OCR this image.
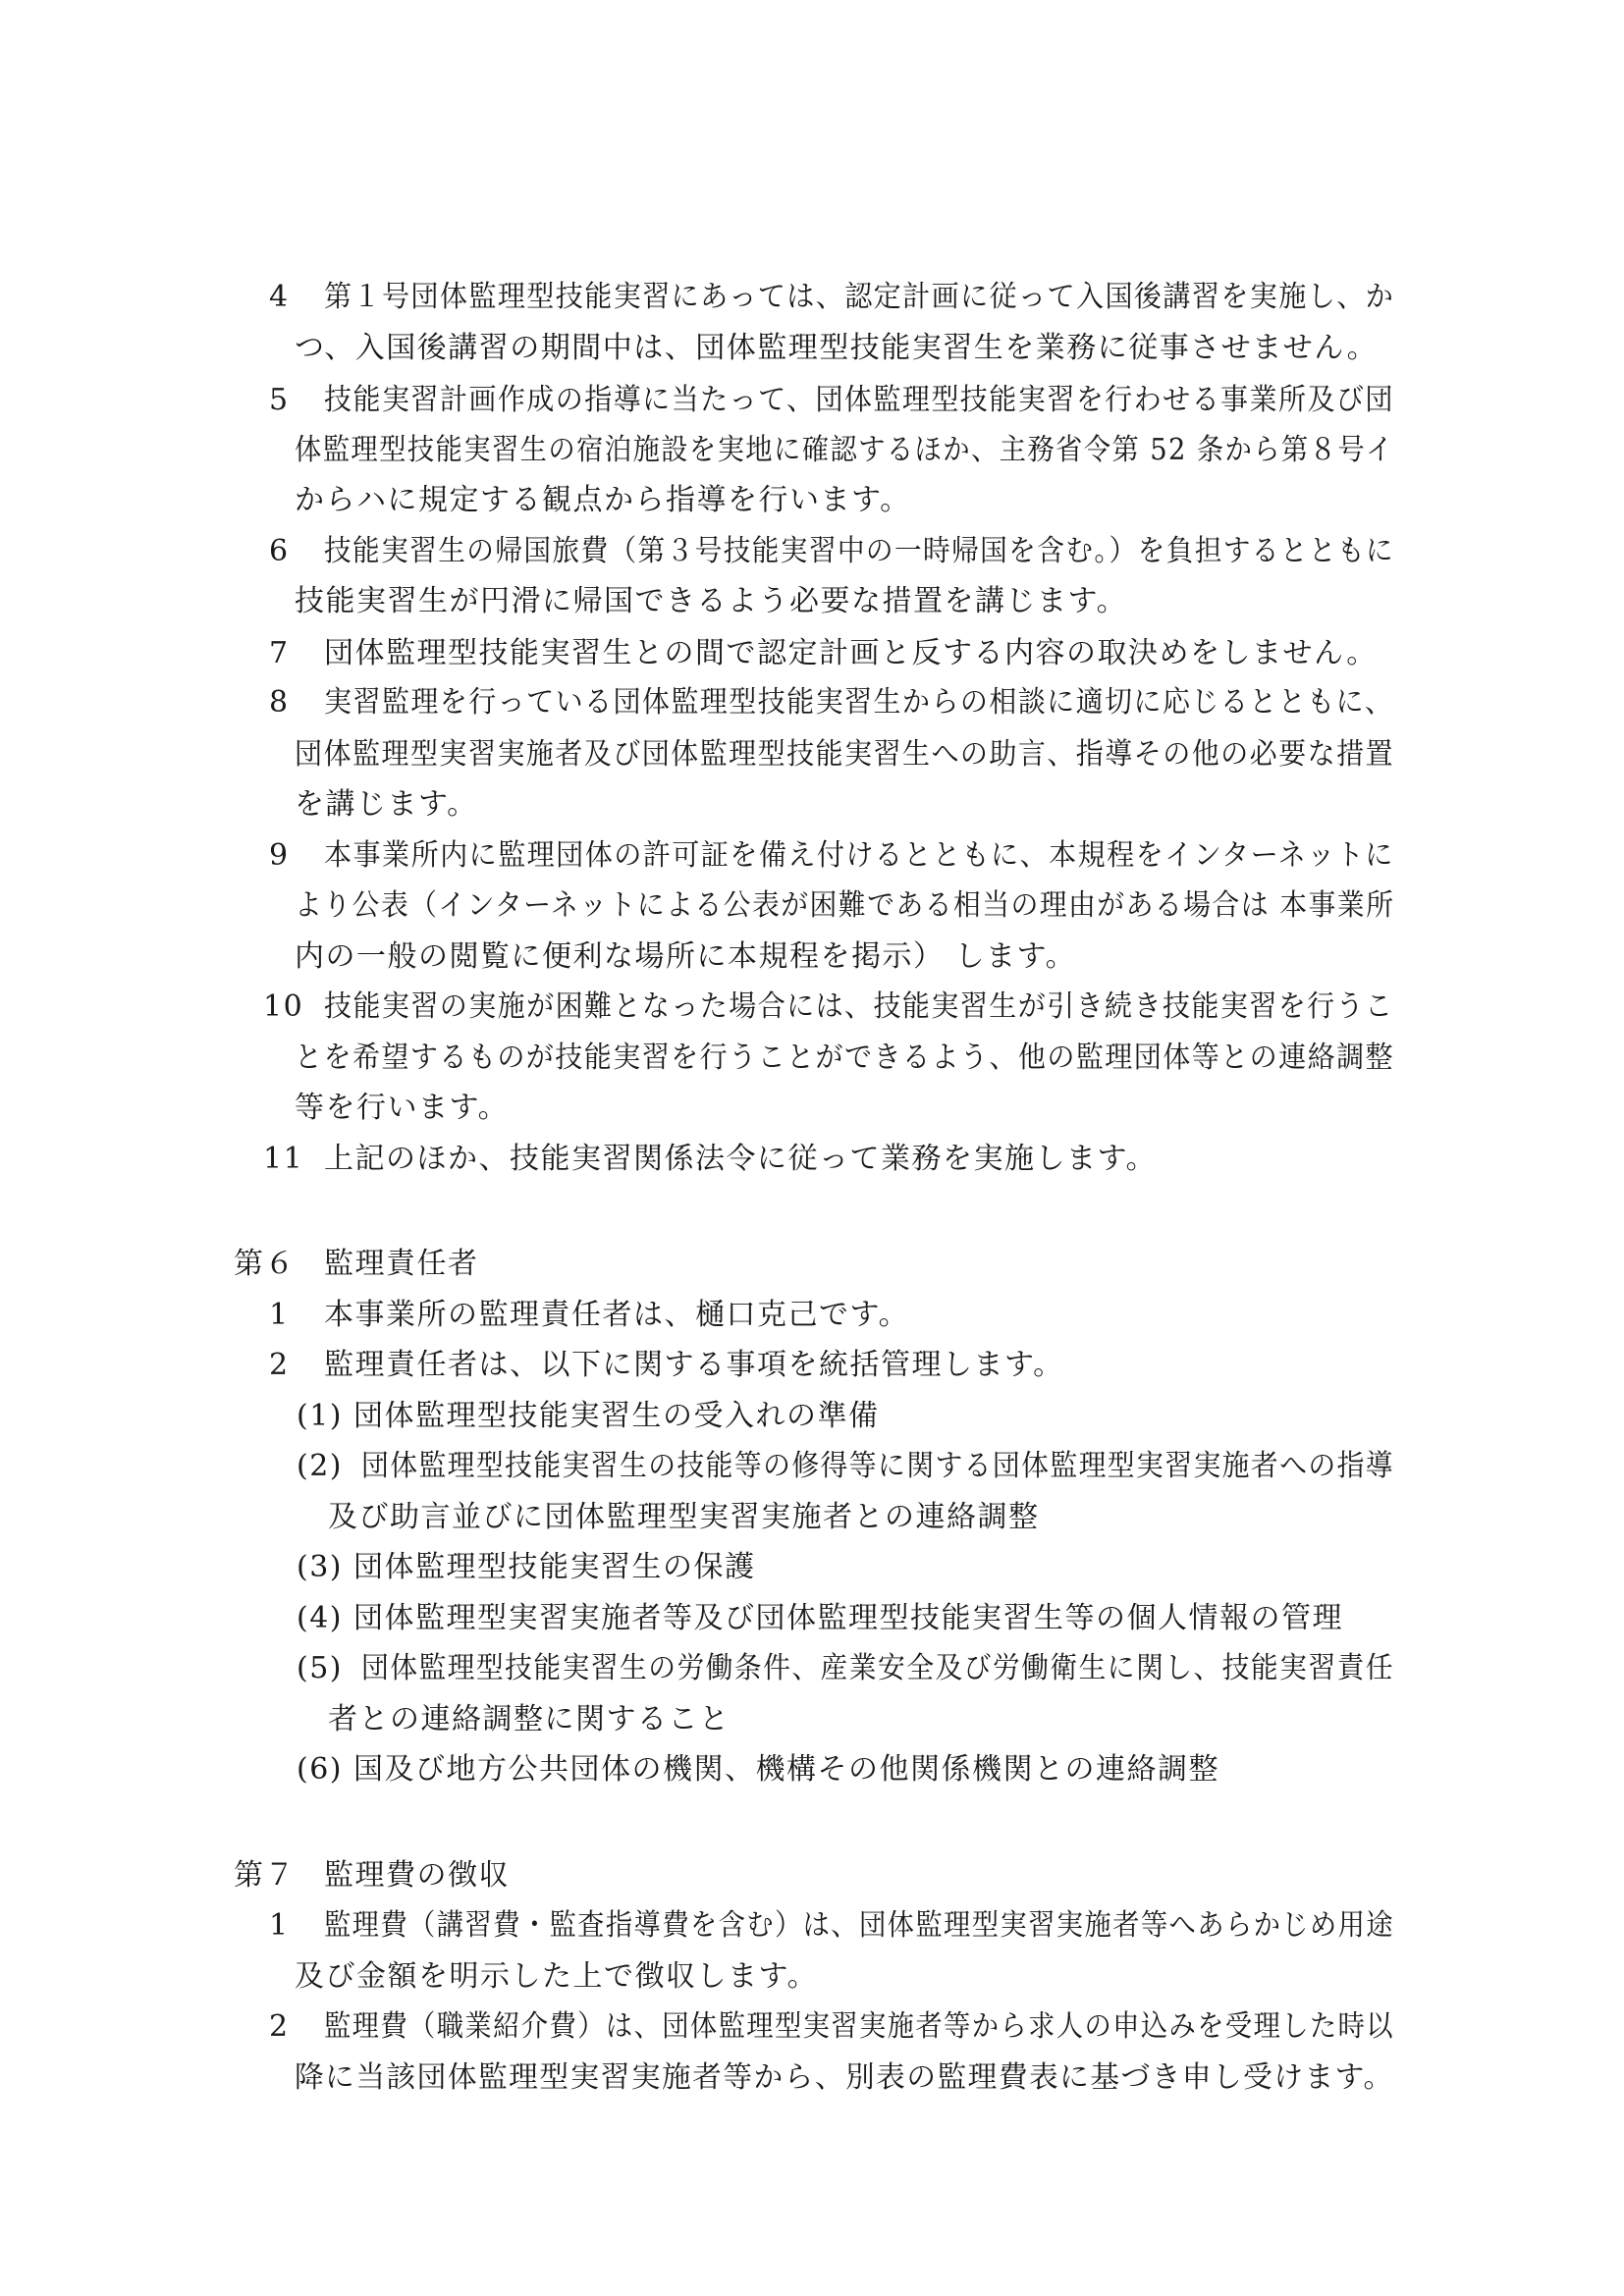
4 第１号団体監理型技能実習にあっては、認定計画に従って入国後講習を実施し、か
つ、入国後講習の期間中は、団体監理型技能実習生を業務に従事させません。
5 技能実習計画作成の指導に当たって、団体監理型技能実習を行わせる事業所及び団
体監理型技能実習生の宿泊施設を実地に確認するほか、主務省令第 52 条から第８号イ
からハに規定する観点から指導を行います。
6 技能実習生の帰国旅費（第３号技能実習中の一時帰国を含む。）を負担するとともに
技能実習生が円滑に帰国できるよう必要な措置を講じます。
7 団体監理型技能実習生との間で認定計画と反する内容の取決めをしません。
8 実習監理を行っている団体監理型技能実習生からの相談に適切に応じるとともに、
団体監理型実習実施者及び団体監理型技能実習生への助言、指導その他の必要な措置
を講じます。
9 本事業所内に監理団体の許可証を備え付けるとともに、本規程をインターネットに
より公表（インターネットによる公表が困難である相当の理由がある場合は 本事業所
内の一般の閲覧に便利な場所に本規程を掲示） します。
10 技能実習の実施が困難となった場合には、技能実習生が引き続き技能実習を行うこ
とを希望するものが技能実習を行うことができるよう、他の監理団体等との連絡調整
等を行います。
11 上記のほか、技能実習関係法令に従って業務を実施します。
第６ 監理責任者
1 本事業所の監理責任者は、樋口克己です。
2 監理責任者は、以下に関する事項を統括管理します。
(1) 団体監理型技能実習生の受入れの準備
(2) 団体監理型技能実習生の技能等の修得等に関する団体監理型実習実施者への指導
及び助言並びに団体監理型実習実施者との連絡調整
(3) 団体監理型技能実習生の保護
(4) 団体監理型実習実施者等及び団体監理型技能実習生等の個人情報の管理
(5) 団体監理型技能実習生の労働条件、産業安全及び労働衛生に関し、技能実習責任
者との連絡調整に関すること
(6) 国及び地方公共団体の機関、機構その他関係機関との連絡調整
第７ 監理費の徴収
1 監理費（講習費・監査指導費を含む）は、団体監理型実習実施者等へあらかじめ用途
及び金額を明示した上で徴収します。
2 監理費（職業紹介費）は、団体監理型実習実施者等から求人の申込みを受理した時以
降に当該団体監理型実習実施者等から、別表の監理費表に基づき申し受けます。
